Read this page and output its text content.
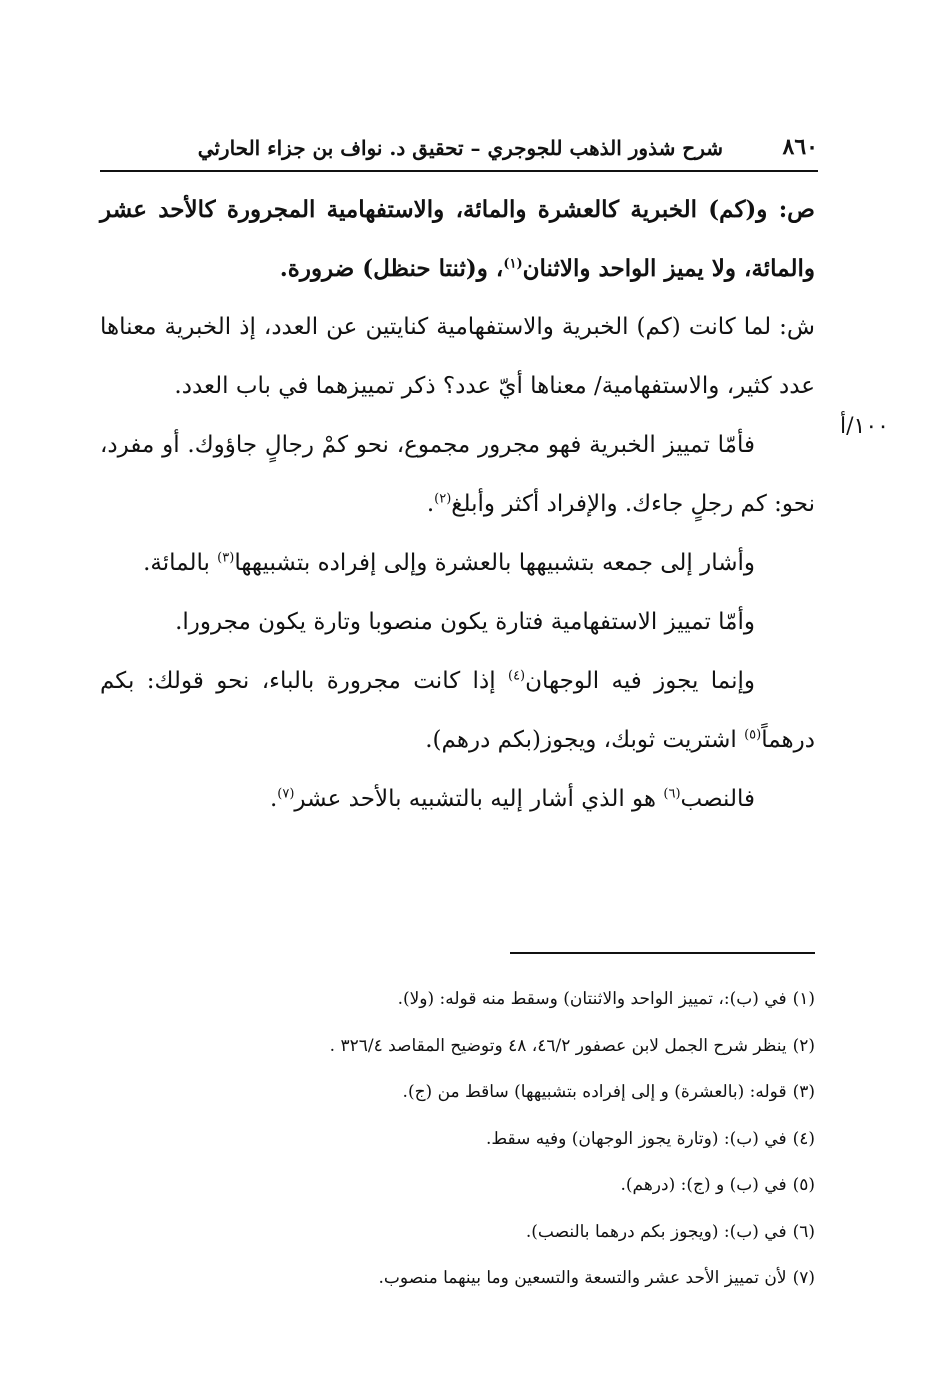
٨٦٠
شرح شذور الذهب للجوجري – تحقيق د. نواف بن جزاء الحارثي
١٠٠/أ

ص: و(كم) الخبرية كالعشرة والمائة، والاستفهامية المجرورة كالأحد عشر والمائة، ولا يميز الواحد والاثنان$^{(١)}$، و(ثنتا حنظل) ضرورة.

ش: لما كانت (كم) الخبرية والاستفهامية كنايتين عن العدد، إذ الخبرية معناها عدد كثير، والاستفهامية/ معناها أيّ عدد؟ ذكر تمييزهما في باب العدد.

فأمّا تمييز الخبرية فهو مجرور مجموع، نحو كمْ رجالٍ جاؤوك. أو مفرد، نحو: كم رجلٍ جاءك. والإفراد أكثر وأبلغ$^{(٢)}$.

وأشار إلى جمعه بتشبيهها بالعشرة وإلى إفراده بتشبيهها$^{(٣)}$ بالمائة.

وأمّا تمييز الاستفهامية فتارة يكون منصوبا وتارة يكون مجرورا.

وإنما يجوز فيه الوجهان$^{(٤)}$ إذا كانت مجرورة بالباء، نحو قولك: بكم درهماً$^{(٥)}$ اشتريت ثوبك، ويجوز(بكم درهم).

فالنصب$^{(٦)}$ هو الذي أشار إليه بالتشبيه بالأحد عشر$^{(٧)}$.

(١)في (ب):، تمييز الواحد والاثنتان) وسقط منه قوله: (ولا).
(٢)ينظر شرح الجمل لابن عصفور ٤٦/٢، ٤٨ وتوضيح المقاصد ٣٢٦/٤ .
(٣)قوله: (بالعشرة) و إلى إفراده بتشبيهها) ساقط من (ج).
(٤)في (ب): (وتارة يجوز الوجهان) وفيه سقط.
(٥)في (ب) و (ج): (درهم).
(٦)في (ب): (ويجوز بكم درهما بالنصب).
(٧)لأن تمييز الأحد عشر والتسعة والتسعين وما بينهما منصوب.
